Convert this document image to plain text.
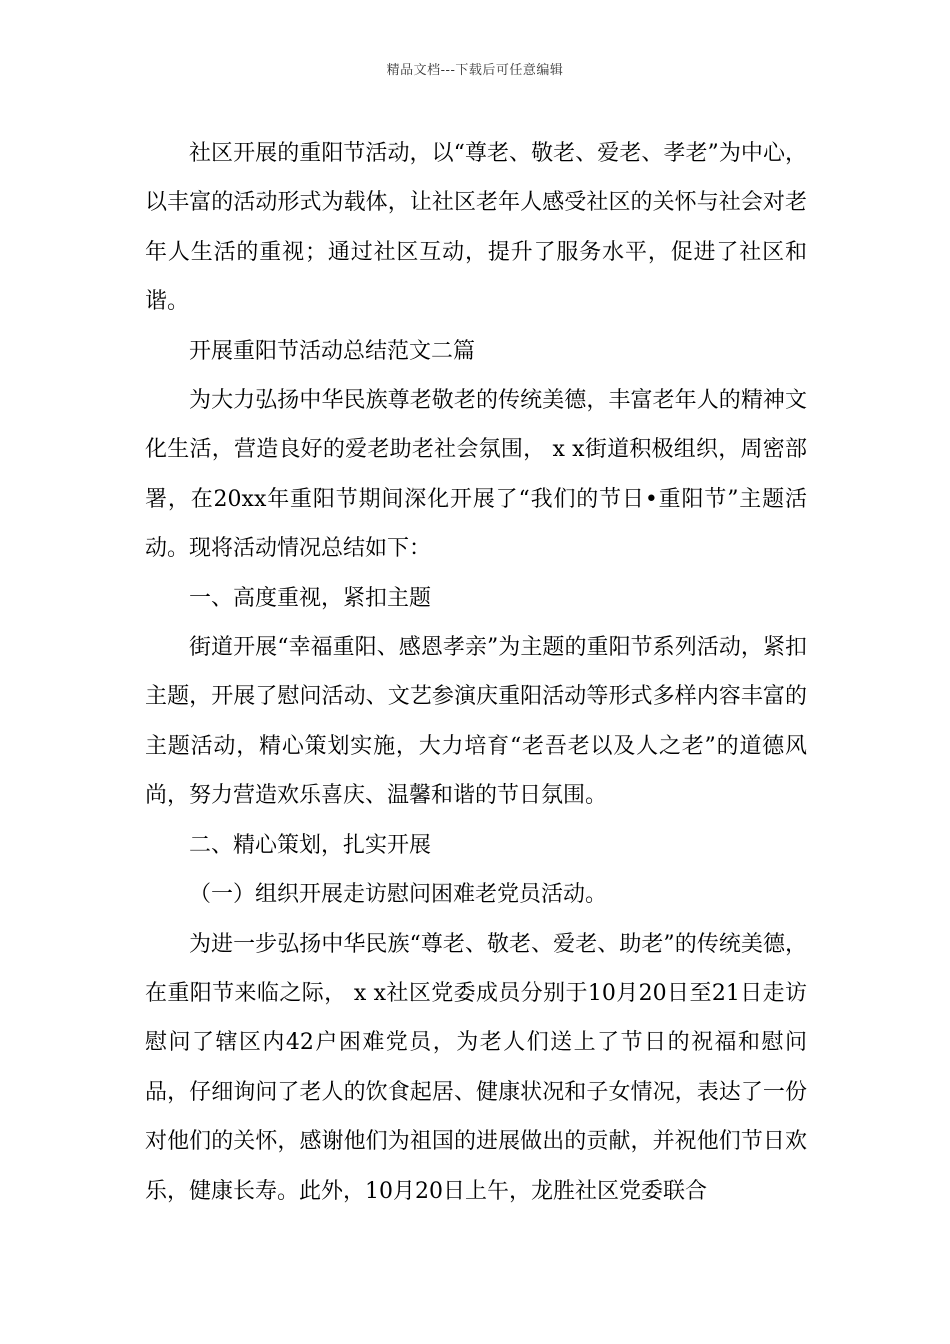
精品文档---下载后可任意编辑

社区开展的重阳节活动，以“尊老、敬老、爱老、孝老”为中心，以丰富的活动形式为载体，让社区老年人感受社区的关怀与社会对老年人生活的重视；通过社区互动，提升了服务水平，促进了社区和谐。

开展重阳节活动总结范文二篇

为大力弘扬中华民族尊老敬老的传统美德，丰富老年人的精神文化生活，营造良好的爱老助老社会氛围， x x街道积极组织，周密部署，在20xx年重阳节期间深化开展了“我们的节日•重阳节”主题活动。现将活动情况总结如下：

一、高度重视，紧扣主题

街道开展“幸福重阳、感恩孝亲”为主题的重阳节系列活动，紧扣主题，开展了慰问活动、文艺参演庆重阳活动等形式多样内容丰富的主题活动，精心策划实施，大力培育“老吾老以及人之老”的道德风尚，努力营造欢乐喜庆、温馨和谐的节日氛围。

二、精心策划，扎实开展

（一）组织开展走访慰问困难老党员活动。

为进一步弘扬中华民族“尊老、敬老、爱老、助老”的传统美德，在重阳节来临之际， x x社区党委成员分别于10月20日至21日走访慰问了辖区内42户困难党员，为老人们送上了节日的祝福和慰问品，仔细询问了老人的饮食起居、健康状况和子女情况，表达了一份对他们的关怀，感谢他们为祖国的进展做出的贡献，并祝他们节日欢乐，健康长寿。此外，10月20日上午，龙胜社区党委联合
